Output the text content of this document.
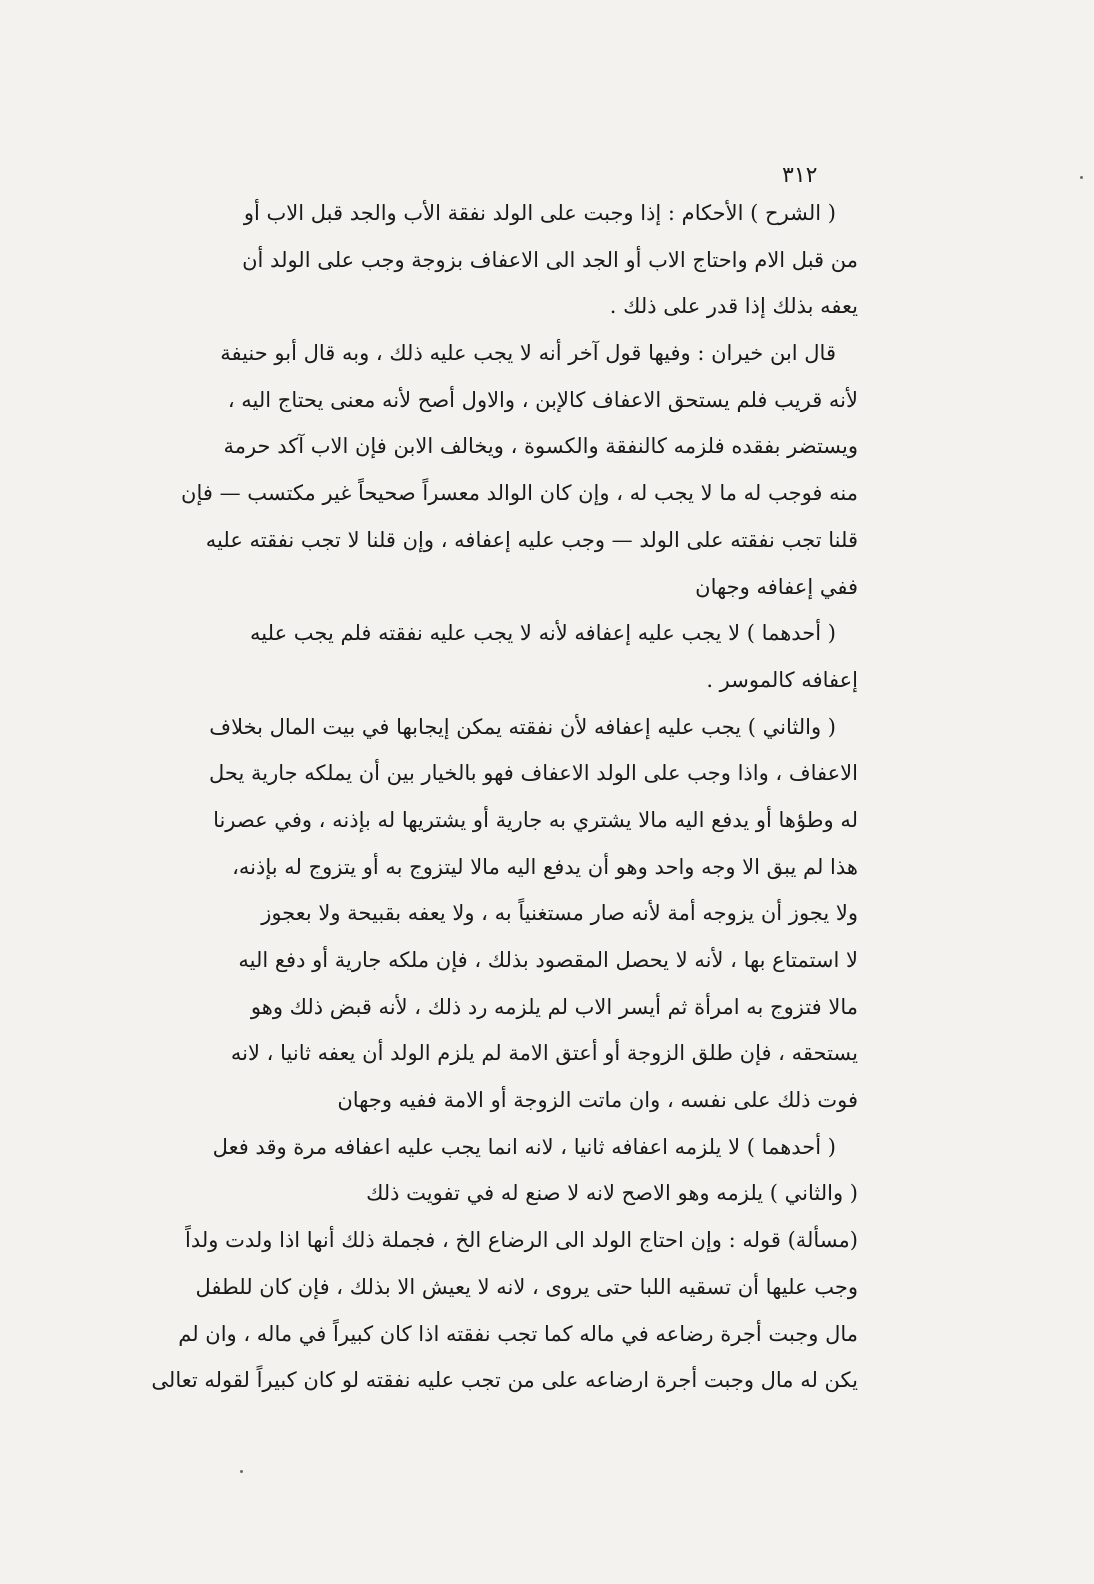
٣١٢
( الشرح ) الأحكام : إذا وجبت على الولد نفقة الأب والجد قبل الاب أو
من قبل الام واحتاج الاب أو الجد الى الاعفاف بزوجة وجب على الولد أن
يعفه بذلك إذا قدر على ذلك .
قال ابن خيران : وفيها قول آخر أنه لا يجب عليه ذلك ، وبه قال أبو حنيفة
لأنه قريب فلم يستحق الاعفاف كالإبن ، والاول أصح لأنه معنى يحتاج اليه ،
ويستضر بفقده فلزمه كالنفقة والكسوة ، ويخالف الابن فإن الاب آكد حرمة
منه فوجب له ما لا يجب له ، وإن كان الوالد معسراً صحيحاً غير مكتسب — فإن
قلنا تجب نفقته على الولد — وجب عليه إعفافه ، وإن قلنا لا تجب نفقته عليه
ففي إعفافه وجهان
( أحدهما ) لا يجب عليه إعفافه لأنه لا يجب عليه نفقته فلم يجب عليه
إعفافه كالموسر .
( والثاني ) يجب عليه إعفافه لأن نفقته يمكن إيجابها في بيت المال بخلاف
الاعفاف ، واذا وجب على الولد الاعفاف فهو بالخيار بين أن يملكه جارية يحل
له وطؤها أو يدفع اليه مالا يشتري به جارية أو يشتريها له بإذنه ، وفي عصرنا
هذا لم يبق الا وجه واحد وهو أن يدفع اليه مالا ليتزوج به أو يتزوج له بإذنه،
ولا يجوز أن يزوجه أمة لأنه صار مستغنياً به ، ولا يعفه بقبيحة ولا بعجوز
لا استمتاع بها ، لأنه لا يحصل المقصود بذلك ، فإن ملكه جارية أو دفع اليه
مالا فتزوج به امرأة ثم أيسر الاب لم يلزمه رد ذلك ، لأنه قبض ذلك وهو
يستحقه ، فإن طلق الزوجة أو أعتق الامة لم يلزم الولد أن يعفه ثانيا ، لانه
فوت ذلك على نفسه ، وان ماتت الزوجة أو الامة ففيه وجهان
( أحدهما ) لا يلزمه اعفافه ثانيا ، لانه انما يجب عليه اعفافه مرة وقد فعل
( والثاني ) يلزمه وهو الاصح لانه لا صنع له في تفويت ذلك
(مسألة) قوله : وإن احتاج الولد الى الرضاع الخ ، فجملة ذلك أنها اذا ولدت ولداً
وجب عليها أن تسقيه اللبا حتى يروى ، لانه لا يعيش الا بذلك ، فإن كان للطفل
مال وجبت أجرة رضاعه في ماله كما تجب نفقته اذا كان كبيراً في ماله ، وان لم
يكن له مال وجبت أجرة ارضاعه على من تجب عليه نفقته لو كان كبيراً لقوله تعالى
